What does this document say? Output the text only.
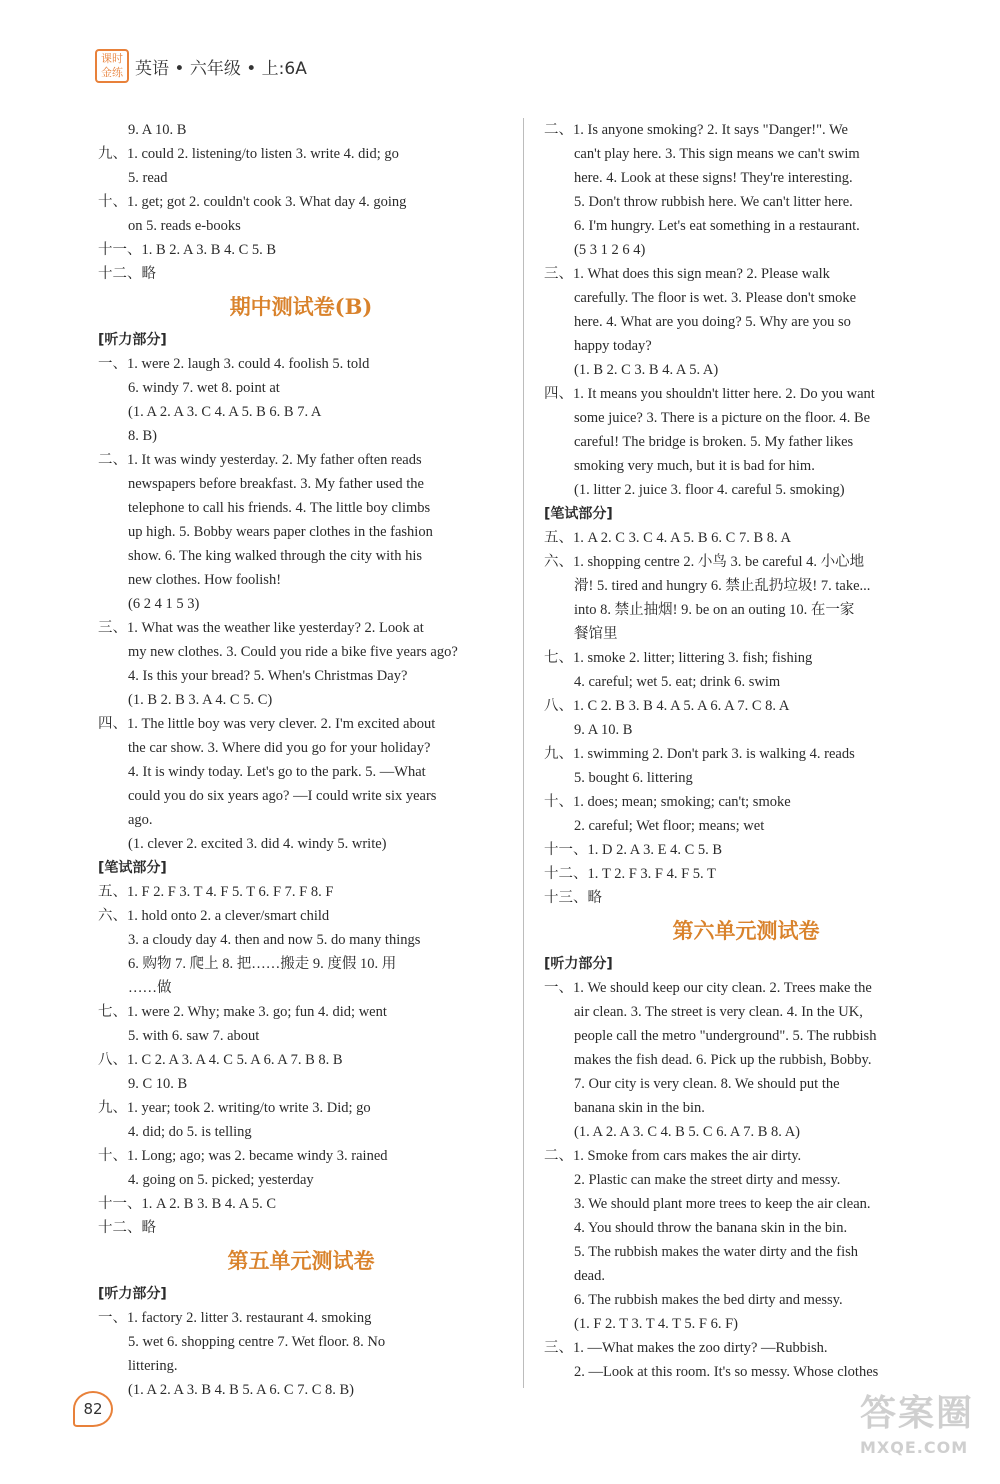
课时
金练 英语 • 六年级 • 上:6A
9. A 10. B
九、1. could 2. listening/to listen 3. write 4. did; go
5. read
十、1. get; got 2. couldn't cook 3. What day 4. going
on 5. reads e-books
十一、1. B 2. A 3. B 4. C 5. B
十二、略
期中测试卷(B)
[听力部分]
一、1. were 2. laugh 3. could 4. foolish 5. told
6. windy 7. wet 8. point at
(1. A 2. A 3. C 4. A 5. B 6. B 7. A
8. B)
二、1. It was windy yesterday. 2. My father often reads
newspapers before breakfast. 3. My father used the
telephone to call his friends. 4. The little boy climbs
up high. 5. Bobby wears paper clothes in the fashion
show. 6. The king walked through the city with his
new clothes. How foolish!
(6 2 4 1 5 3)
三、1. What was the weather like yesterday? 2. Look at
my new clothes. 3. Could you ride a bike five years ago?
4. Is this your bread? 5. When's Christmas Day?
(1. B 2. B 3. A 4. C 5. C)
四、1. The little boy was very clever. 2. I'm excited about
the car show. 3. Where did you go for your holiday?
4. It is windy today. Let's go to the park. 5. —What
could you do six years ago? —I could write six years
ago.
(1. clever 2. excited 3. did 4. windy 5. write)
[笔试部分]
五、1. F 2. F 3. T 4. F 5. T 6. F 7. F 8. F
六、1. hold onto 2. a clever/smart child
3. a cloudy day 4. then and now 5. do many things
6. 购物 7. 爬上 8. 把……搬走 9. 度假 10. 用
……做
七、1. were 2. Why; make 3. go; fun 4. did; went
5. with 6. saw 7. about
八、1. C 2. A 3. A 4. C 5. A 6. A 7. B 8. B
9. C 10. B
九、1. year; took 2. writing/to write 3. Did; go
4. did; do 5. is telling
十、1. Long; ago; was 2. became windy 3. rained
4. going on 5. picked; yesterday
十一、1. A 2. B 3. B 4. A 5. C
十二、略
第五单元测试卷
[听力部分]
一、1. factory 2. litter 3. restaurant 4. smoking
5. wet 6. shopping centre 7. Wet floor. 8. No
littering.
(1. A 2. A 3. B 4. B 5. A 6. C 7. C 8. B)
二、1. Is anyone smoking? 2. It says "Danger!". We
can't play here. 3. This sign means we can't swim
here. 4. Look at these signs! They're interesting.
5. Don't throw rubbish here. We can't litter here.
6. I'm hungry. Let's eat something in a restaurant.
(5 3 1 2 6 4)
三、1. What does this sign mean? 2. Please walk
carefully. The floor is wet. 3. Please don't smoke
here. 4. What are you doing? 5. Why are you so
happy today?
(1. B 2. C 3. B 4. A 5. A)
四、1. It means you shouldn't litter here. 2. Do you want
some juice? 3. There is a picture on the floor. 4. Be
careful! The bridge is broken. 5. My father likes
smoking very much, but it is bad for him.
(1. litter 2. juice 3. floor 4. careful 5. smoking)
[笔试部分]
五、1. A 2. C 3. C 4. A 5. B 6. C 7. B 8. A
六、1. shopping centre 2. 小鸟 3. be careful 4. 小心地
滑! 5. tired and hungry 6. 禁止乱扔垃圾! 7. take...
into 8. 禁止抽烟! 9. be on an outing 10. 在一家
餐馆里
七、1. smoke 2. litter; littering 3. fish; fishing
4. careful; wet 5. eat; drink 6. swim
八、1. C 2. B 3. B 4. A 5. A 6. A 7. C 8. A
9. A 10. B
九、1. swimming 2. Don't park 3. is walking 4. reads
5. bought 6. littering
十、1. does; mean; smoking; can't; smoke
2. careful; Wet floor; means; wet
十一、1. D 2. A 3. E 4. C 5. B
十二、1. T 2. F 3. F 4. F 5. T
十三、略
第六单元测试卷
[听力部分]
一、1. We should keep our city clean. 2. Trees make the
air clean. 3. The street is very clean. 4. In the UK,
people call the metro "underground". 5. The rubbish
makes the fish dead. 6. Pick up the rubbish, Bobby.
7. Our city is very clean. 8. We should put the
banana skin in the bin.
(1. A 2. A 3. C 4. B 5. C 6. A 7. B 8. A)
二、1. Smoke from cars makes the air dirty.
2. Plastic can make the street dirty and messy.
3. We should plant more trees to keep the air clean.
4. You should throw the banana skin in the bin.
5. The rubbish makes the water dirty and the fish
dead.
6. The rubbish makes the bed dirty and messy.
(1. F 2. T 3. T 4. T 5. F 6. F)
三、1. —What makes the zoo dirty? —Rubbish.
2. —Look at this room. It's so messy. Whose clothes
82	答案圈
MXQE.COM
